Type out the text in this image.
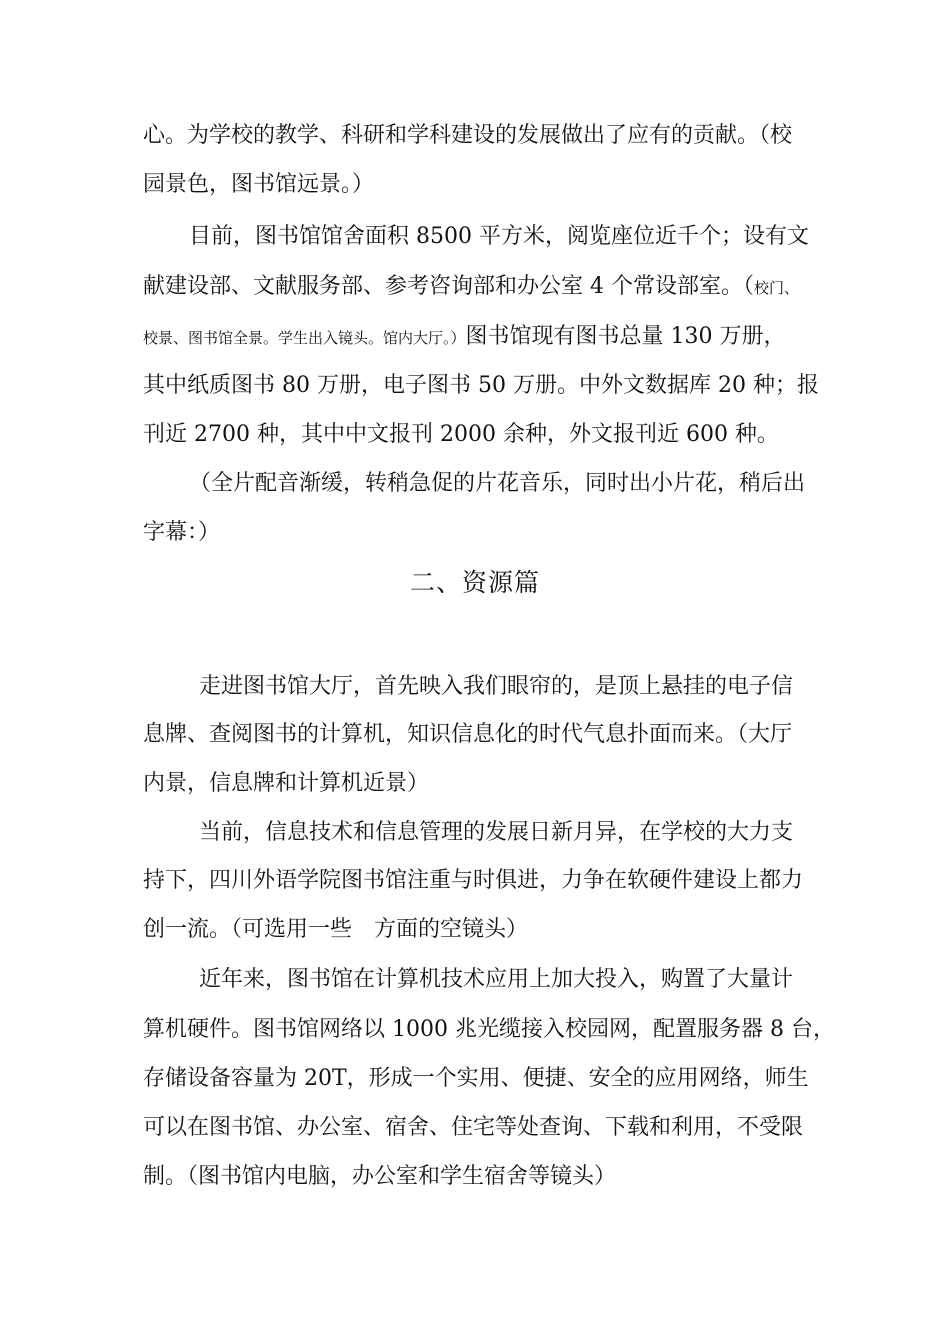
心。为学校的教学、科研和学科建设的发展做出了应有的贡献。（校
园景色，图书馆远景。）
目前，图书馆馆舍面积 8500 平方米，阅览座位近千个；设有文
献建设部、文献服务部、参考咨询部和办公室 4 个常设部室。（校门、
校景、图书馆全景。学生出入镜头。馆内大厅。）图书馆现有图书总量 130 万册，
其中纸质图书 80 万册，电子图书 50 万册。中外文数据库 20 种；报
刊近 2700 种，其中中文报刊 2000 余种，外文报刊近 600 种。
（全片配音渐缓，转稍急促的片花音乐，同时出小片花，稍后出
字幕：）
二、资源篇
走进图书馆大厅，首先映入我们眼帘的，是顶上悬挂的电子信
息牌、查阅图书的计算机，知识信息化的时代气息扑面而来。（大厅
内景，信息牌和计算机近景）
当前，信息技术和信息管理的发展日新月异，在学校的大力支
持下，四川外语学院图书馆注重与时俱进，力争在软硬件建设上都力
创一流。（可选用一些 方面的空镜头）
近年来，图书馆在计算机技术应用上加大投入，购置了大量计
算机硬件。图书馆网络以 1000 兆光缆接入校园网，配置服务器 8 台，
存储设备容量为 20T，形成一个实用、便捷、安全的应用网络，师生
可以在图书馆、办公室、宿舍、住宅等处查询、下载和利用，不受限
制。（图书馆内电脑，办公室和学生宿舍等镜头）
